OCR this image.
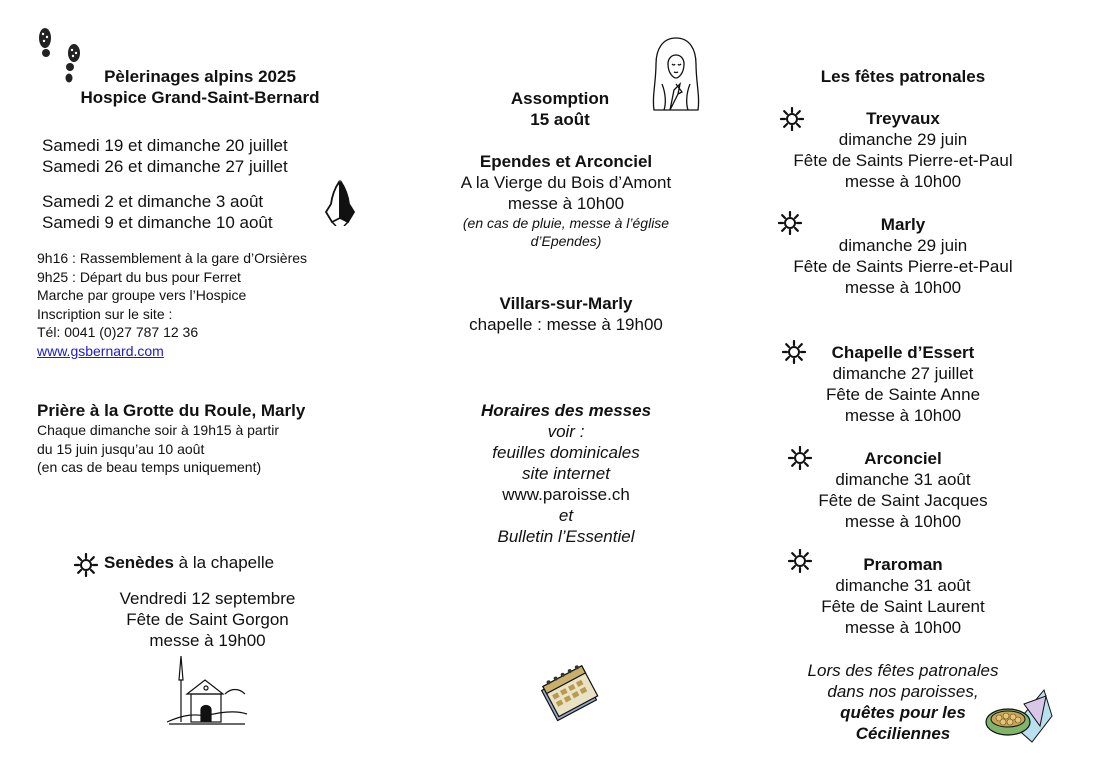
Pèlerinages alpins 2025
Hospice Grand-Saint-Bernard
Samedi 19 et dimanche 20 juillet
Samedi 26 et dimanche 27 juillet
Samedi 2 et dimanche 3 août
Samedi 9 et dimanche 10 août
9h16 : Rassemblement à la gare d’Orsières
9h25 : Départ du bus pour Ferret
Marche par groupe vers l’Hospice
Inscription sur le site :
Tél: 0041 (0)27 787 12 36
www.gsbernard.com
Prière à la Grotte du Roule, Marly
Chaque dimanche soir à 19h15 à partir
du 15 juin jusqu’au 10 août
(en cas de beau temps uniquement)
Senèdes à la chapelle
Vendredi 12 septembre
Fête de Saint Gorgon
messe à 19h00
Assomption
15 août
Ependes et Arconciel
A la Vierge du Bois d’Amont
messe à 10h00
(en cas de pluie, messe à l’église
d’Ependes)
Villars-sur-Marly
chapelle : messe à 19h00
Horaires des messes
voir :
feuilles dominicales
site internet
www.paroisse.ch
et
Bulletin l’Essentiel
Les fêtes patronales
Treyvaux
dimanche 29 juin
Fête de Saints Pierre-et-Paul
messe à 10h00
Marly
dimanche 29 juin
Fête de Saints Pierre-et-Paul
messe à 10h00
Chapelle d’Essert
dimanche 27 juillet
Fête de Sainte Anne
messe à 10h00
Arconciel
dimanche 31 août
Fête de Saint Jacques
messe à 10h00
Praroman
dimanche 31 août
Fête de Saint Laurent
messe à 10h00
Lors des fêtes patronales
dans nos paroisses,
quêtes pour les
Céciliennes
